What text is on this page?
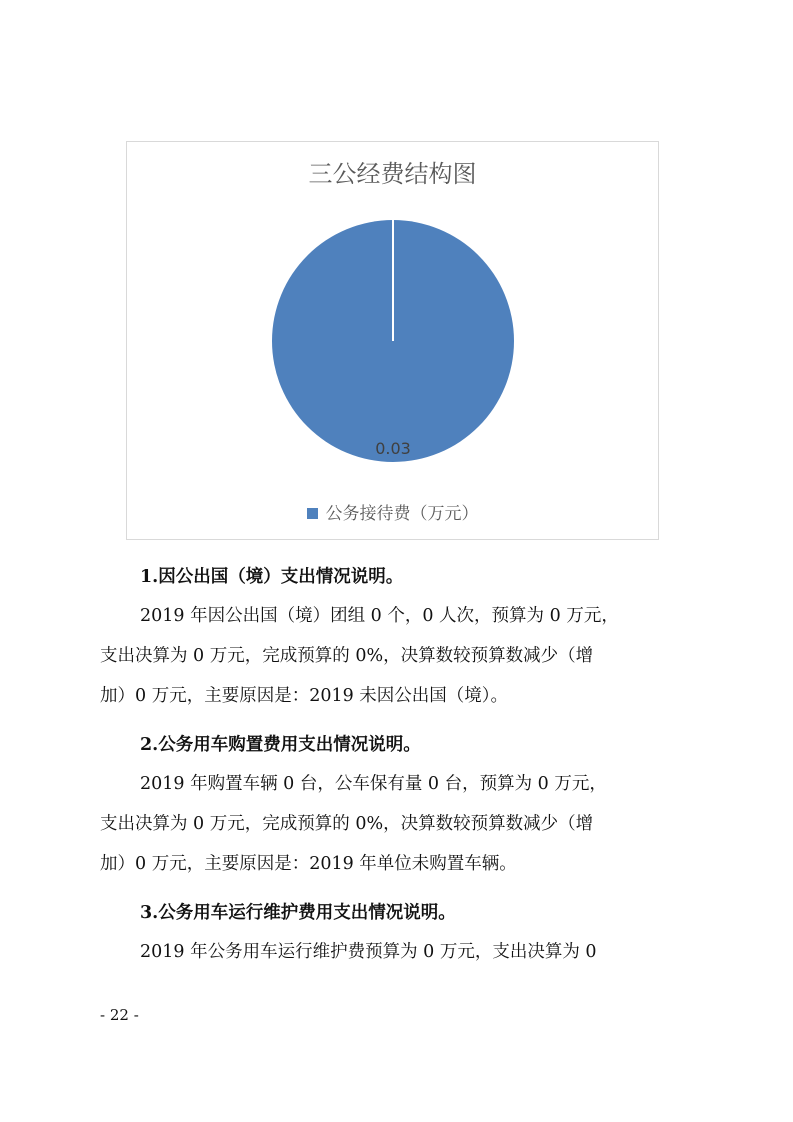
三公经费结构图
0.03
公务接待费（万元）
1.因公出国（境）支出情况说明。
2019 年因公出国（境）团组 0 个，0 人次，预算为 0 万元，
支出决算为 0 万元，完成预算的 0%，决算数较预算数减少（增
加）0 万元，主要原因是：2019 未因公出国（境）。
2.公务用车购置费用支出情况说明。
2019 年购置车辆 0 台，公车保有量 0 台，预算为 0 万元，
支出决算为 0 万元，完成预算的 0%，决算数较预算数减少（增
加）0 万元，主要原因是：2019 年单位未购置车辆。
3.公务用车运行维护费用支出情况说明。
2019 年公务用车运行维护费预算为 0 万元，支出决算为 0
- 22 -
